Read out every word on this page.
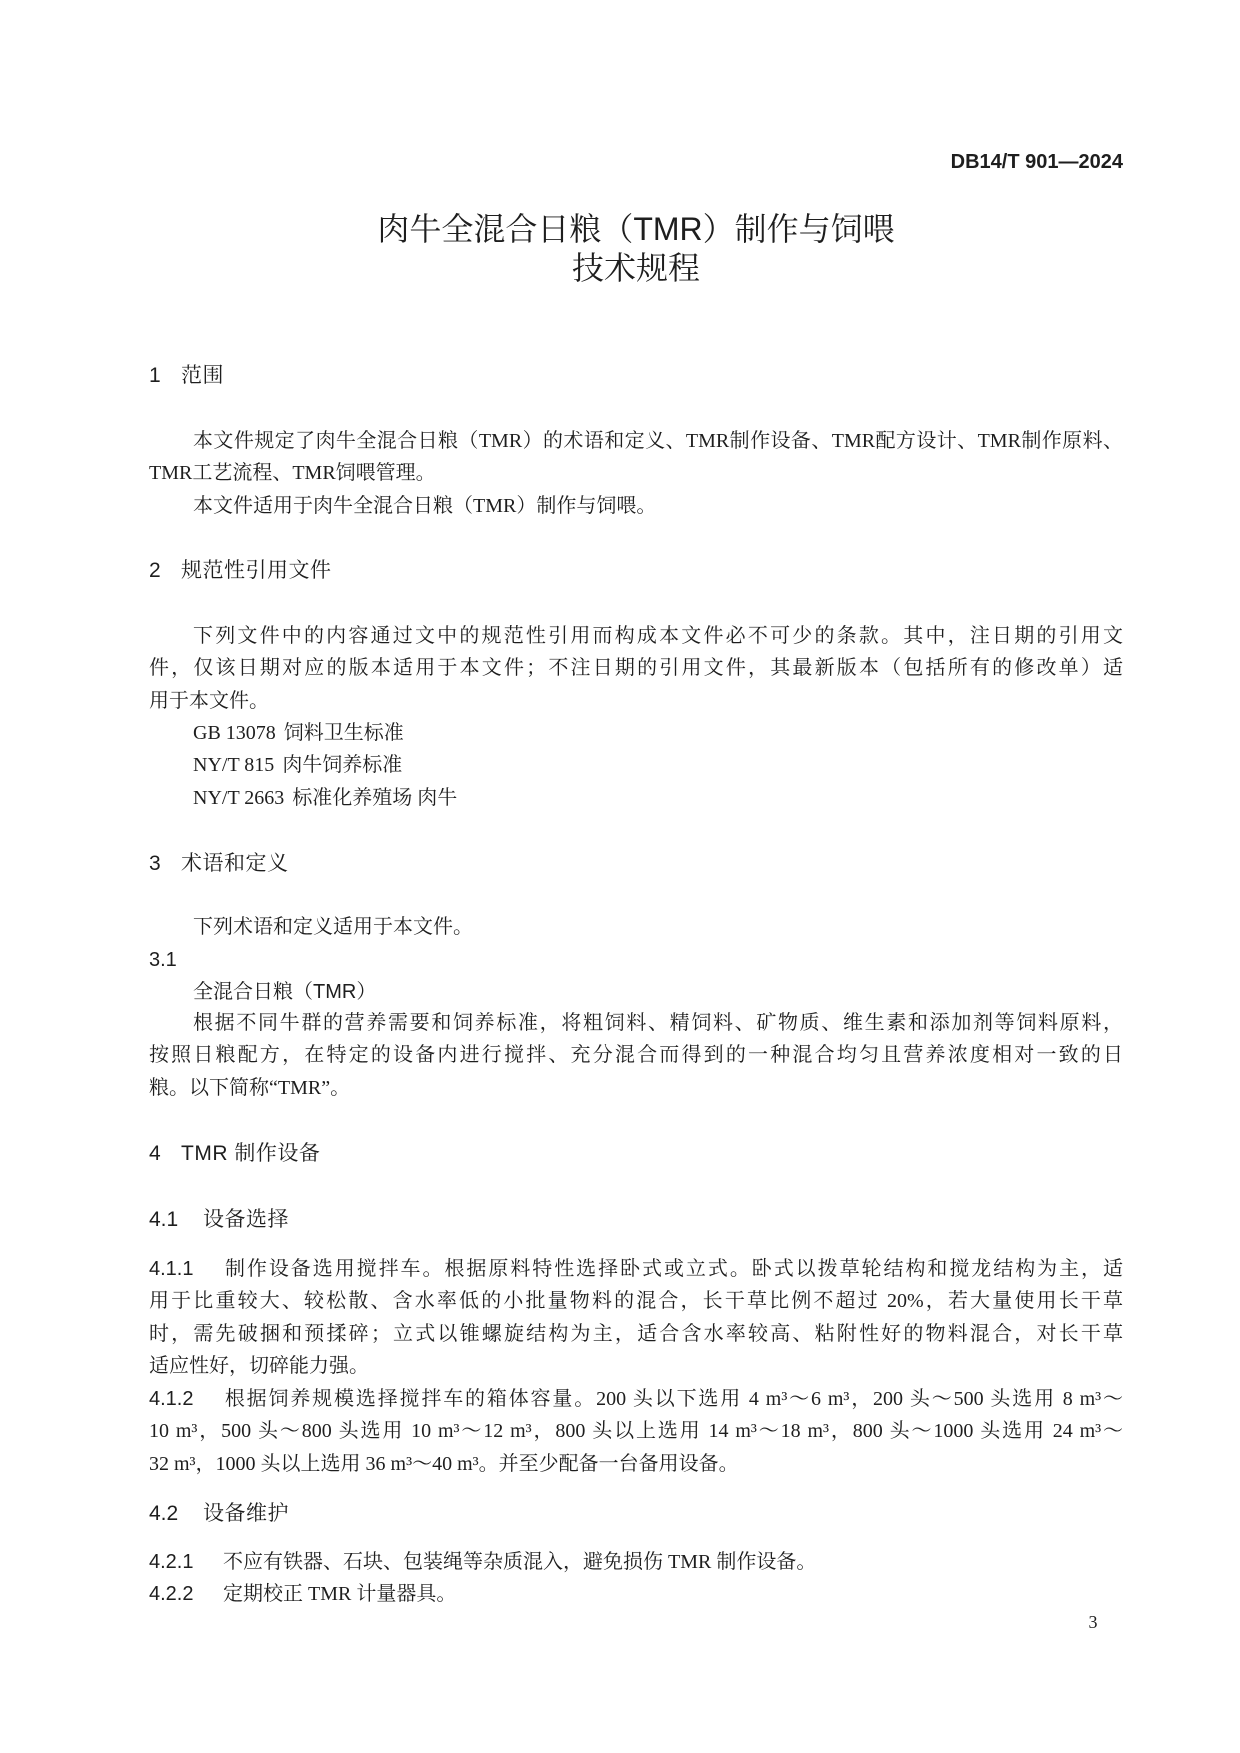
DB14/T 901—2024
肉牛全混合日粮（TMR）制作与饲喂
技术规程
1 范围
本文件规定了肉牛全混合日粮（TMR）的术语和定义、TMR制作设备、TMR配方设计、TMR制作原料、
TMR工艺流程、TMR饲喂管理。
本文件适用于肉牛全混合日粮（TMR）制作与饲喂。
2 规范性引用文件
下列文件中的内容通过文中的规范性引用而构成本文件必不可少的条款。其中，注日期的引用文
件，仅该日期对应的版本适用于本文件；不注日期的引用文件，其最新版本（包括所有的修改单）适
用于本文件。
GB 13078 饲料卫生标准
NY/T 815 肉牛饲养标准
NY/T 2663 标准化养殖场 肉牛
3 术语和定义
下列术语和定义适用于本文件。
3.1
全混合日粮（TMR）
根据不同牛群的营养需要和饲养标准，将粗饲料、精饲料、矿物质、维生素和添加剂等饲料原料，
按照日粮配方，在特定的设备内进行搅拌、充分混合而得到的一种混合均匀且营养浓度相对一致的日
粮。以下简称“TMR”。
4 TMR 制作设备
4.1 设备选择
4.1.1 制作设备选用搅拌车。根据原料特性选择卧式或立式。卧式以拨草轮结构和搅龙结构为主，适
用于比重较大、较松散、含水率低的小批量物料的混合，长干草比例不超过 20%，若大量使用长干草
时，需先破捆和预揉碎；立式以锥螺旋结构为主，适合含水率较高、粘附性好的物料混合，对长干草
适应性好，切碎能力强。
4.1.2 根据饲养规模选择搅拌车的箱体容量。200 头以下选用 4 m³～6 m³，200 头～500 头选用 8 m³～
10 m³，500 头～800 头选用 10 m³～12 m³，800 头以上选用 14 m³～18 m³，800 头～1000 头选用 24 m³～
32 m³，1000 头以上选用 36 m³～40 m³。并至少配备一台备用设备。
4.2 设备维护
4.2.1 不应有铁器、石块、包装绳等杂质混入，避免损伤 TMR 制作设备。
4.2.2 定期校正 TMR 计量器具。
3
